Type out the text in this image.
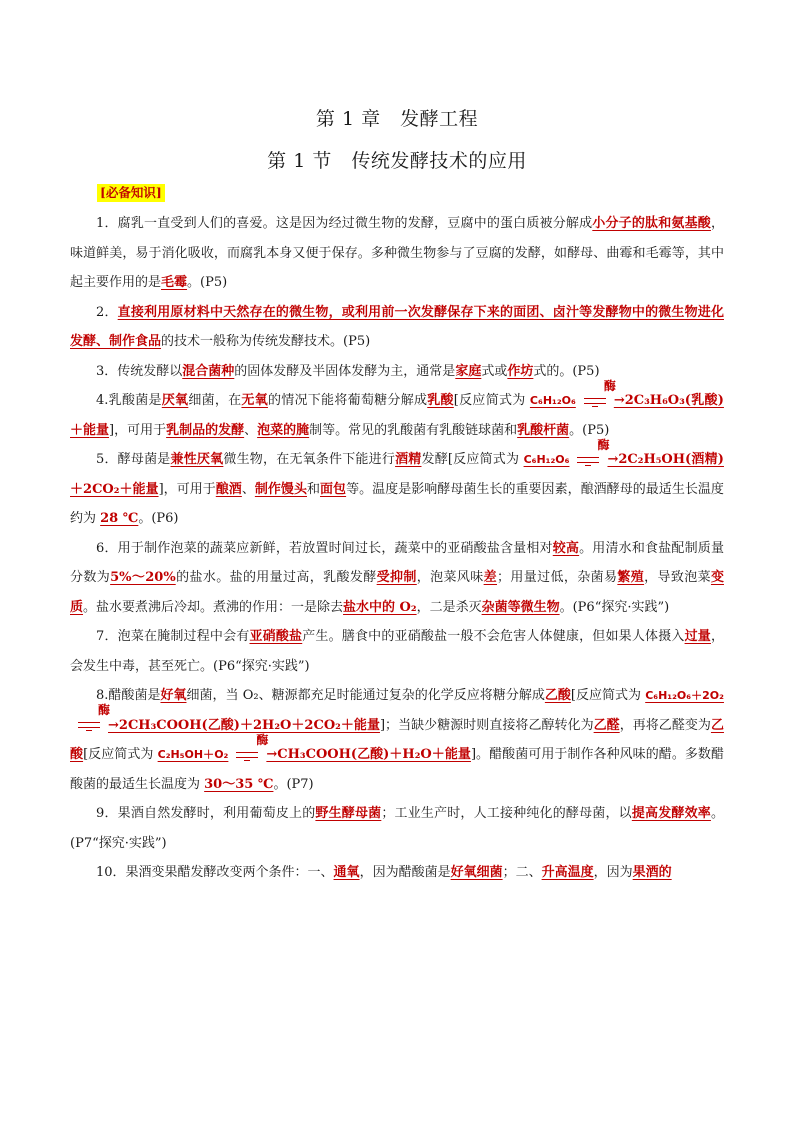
第 1 章　发酵工程
第 1 节　传统发酵技术的应用
[必备知识]

1．腐乳一直受到人们的喜爱。这是因为经过微生物的发酵，豆腐中的蛋白质被分解成小分子的肽和氨基酸，味道鲜美，易于消化吸收，而腐乳本身又便于保存。多种微生物参与了豆腐的发酵，如酵母、曲霉和毛霉等，其中起主要作用的是毛霉。(P5)

2．直接利用原材料中天然存在的微生物，或利用前一次发酵保存下来的面团、卤汁等发酵物中的微生物进化发酵、制作食品的技术一般称为传统发酵技术。(P5)

3．传统发酵以混合菌种的固体发酵及半固体发酵为主，通常是家庭式或作坊式的。(P5)

4.乳酸菌是厌氧细菌，在无氧的情况下能将葡萄糖分解成乳酸[反应简式为 C₆H₁₂O₆
酶
→2C₃H₆O₃(乳酸)＋能量]，可用于乳制品的发酵、泡菜的腌制等。常见的乳酸菌有乳酸链球菌和乳酸杆菌。(P5)

5．酵母菌是兼性厌氧微生物，在无氧条件下能进行酒精发酵[反应简式为 C₆H₁₂O₆
酶
→2C₂H₅OH(酒精)＋2CO₂＋能量]，可用于酿酒、制作馒头和面包等。温度是影响酵母菌生长的重要因素，酿酒酵母的最适生长温度约为 28 ℃。(P6)

6．用于制作泡菜的蔬菜应新鲜，若放置时间过长，蔬菜中的亚硝酸盐含量相对较高。用清水和食盐配制质量分数为5%～20%的盐水。盐的用量过高，乳酸发酵受抑制，泡菜风味差；用量过低，杂菌易繁殖，导致泡菜变质。盐水要煮沸后冷却。煮沸的作用：一是除去盐水中的 O₂，二是杀灭杂菌等微生物。(P6“探究·实践”)

7．泡菜在腌制过程中会有亚硝酸盐产生。膳食中的亚硝酸盐一般不会危害人体健康，但如果人体摄入过量，会发生中毒，甚至死亡。(P6“探究·实践”)

8.醋酸菌是好氧细菌，当 O₂、糖源都充足时能通过复杂的化学反应将糖分解成乙酸[反应简式为 C₆H₁₂O₆＋2O₂
酶
→2CH₃COOH(乙酸)＋2H₂O＋2CO₂＋能量]；当缺少糖源时则直接将乙醇转化为乙醛，再将乙醛变为乙酸[反应简式为 C₂H₅OH＋O₂
酶
→CH₃COOH(乙酸)＋H₂O＋能量]。醋酸菌可用于制作各种风味的醋。多数醋酸菌的最适生长温度为 30～35 ℃。(P7)

9．果酒自然发酵时，利用葡萄皮上的野生酵母菌；工业生产时，人工接种纯化的酵母菌，以提高发酵效率。(P7“探究·实践”)

10．果酒变果醋发酵改变两个条件：一、通氧，因为醋酸菌是好氧细菌；二、升高温度，因为果酒的
